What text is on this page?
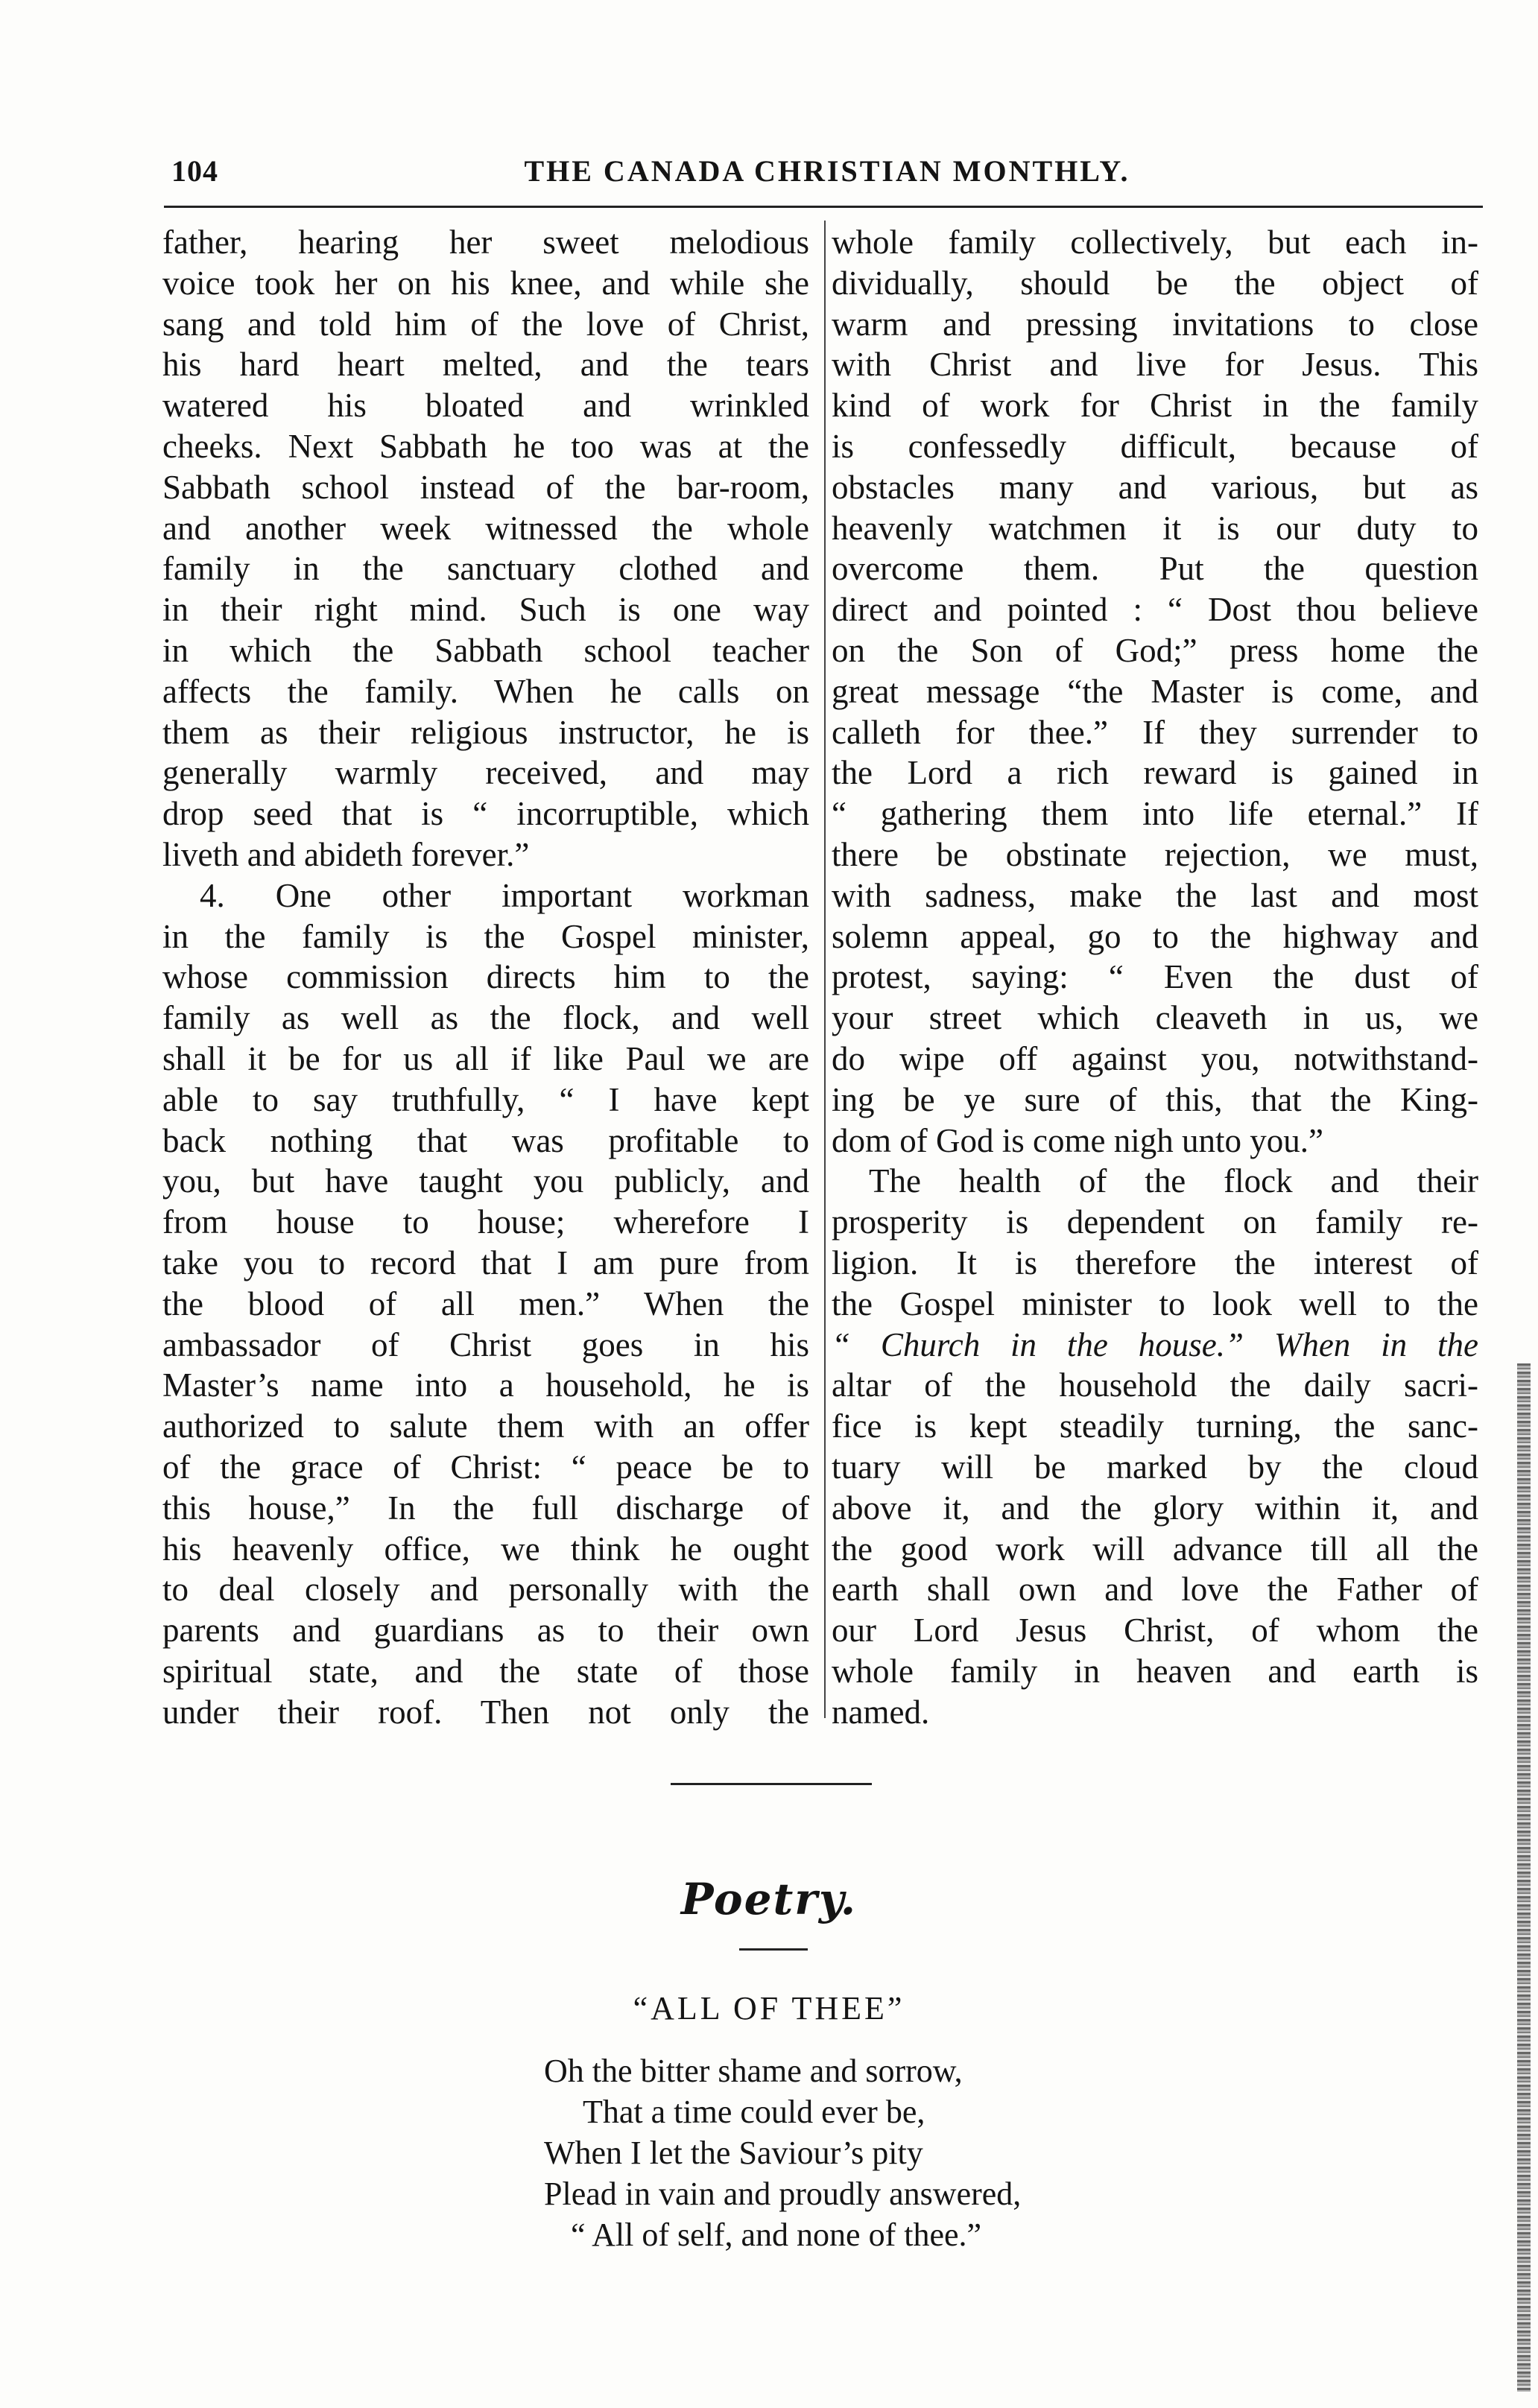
104	THE CANADA CHRISTIAN MONTHLY.
father, hearing her sweet melodious
voice took her on his knee, and while she
sang and told him of the love of Christ,
his hard heart melted, and the tears
watered his bloated and wrinkled
cheeks. Next Sabbath he too was at the
Sabbath school instead of the bar-room,
and another week witnessed the whole
family in the sanctuary clothed and
in their right mind. Such is one way
in which the Sabbath school teacher
affects the family. When he calls on
them as their religious instructor, he is
generally warmly received, and may
drop seed that is “ incorruptible, which
liveth and abideth forever.”
4. One other important workman
in the family is the Gospel minister,
whose commission directs him to the
family as well as the flock, and well
shall it be for us all if like Paul we are
able to say truthfully, “ I have kept
back nothing that was profitable to
you, but have taught you publicly, and
from house to house; wherefore I
take you to record that I am pure from
the blood of all men.” When the
ambassador of Christ goes in his
Master’s name into a household, he is
authorized to salute them with an offer
of the grace of Christ: “ peace be to
this house,” In the full discharge of
his heavenly office, we think he ought
to deal closely and personally with the
parents and guardians as to their own
spiritual state, and the state of those
under their roof. Then not only the
whole family collectively, but each in-
dividually, should be the object of
warm and pressing invitations to close
with Christ and live for Jesus. This
kind of work for Christ in the family
is confessedly difficult, because of
obstacles many and various, but as
heavenly watchmen it is our duty to
overcome them. Put the question
direct and pointed : “ Dost thou believe
on the Son of God;” press home the
great message “the Master is come, and
calleth for thee.” If they surrender to
the Lord a rich reward is gained in
“ gathering them into life eternal.” If
there be obstinate rejection, we must,
with sadness, make the last and most
solemn appeal, go to the highway and
protest, saying: “ Even the dust of
your street which cleaveth in us, we
do wipe off against you, notwithstand-
ing be ye sure of this, that the King-
dom of God is come nigh unto you.”
The health of the flock and their
prosperity is dependent on family re-
ligion. It is therefore the interest of
the Gospel minister to look well to the
“ Church in the house.” When in the
altar of the household the daily sacri-
fice is kept steadily turning, the sanc-
tuary will be marked by the cloud
above it, and the glory within it, and
the good work will advance till all the
earth shall own and love the Father of
our Lord Jesus Christ, of whom the
whole family in heaven and earth is
named.
Poetry.
“ALL OF THEE”
Oh the bitter shame and sorrow,
That a time could ever be,
When I let the Saviour’s pity
Plead in vain and proudly answered,
“ All of self, and none of thee.”
